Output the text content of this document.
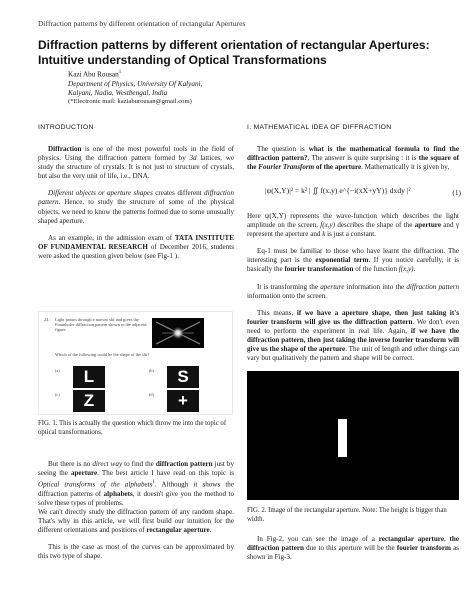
Diffraction patterns by different orientation of rectangular Apertures
Diffraction patterns by different orientation of rectangular Apertures: Intuitive understanding of Optical Transformations
Kazi Abu Rousan$^1$
Department of Physics, University Of Kalyani,
Kalyani, Nadia, Westbengal, India
(*Electronic mail: kaziaburousan@gmail.com)
INTRODUCTION

Diffraction is one of the most powerful tools in the field of physics. Using the diffraction pattern formed by 3d lattices, we study the structure of crystals. It is not just to structure of crystals, but also the very unit of life, i.e., DNA.

Different objects or aperture shapes creates different diffraction pattern. Hence, to study the structure of some of the physical objects, we need to know the patterns formed due to some unusually shaped aperture.

As an example, in the admission exam of TATA INSTITUTE OF FUNDAMENTAL RESEARCH of December 2016, students were asked the question given below (see Fig-1 ).

24. Light passes through a narrow slit and gives the Fraunhofer diffraction pattern shown in the adjacent figure.
Which of the following could be the shape of the slit?
(a)	L	(b)	S
(c)	Z	(d)	+
FIG. 1. This is actually the question which throw me into the topic of optical transformations.

But there is no direct way to find the diffraction pattern just by seeing the aperture. The best article I have read on this topic is Optical transforms of the alphabets$^1$. Although it shows the diffraction patterns of alphabets, it doesn't give you the method to solve these types of problems.

We can't directly study the diffraction pattern of any random shape. That's why in this article, we will first build our intuition for the different orientations and positions of rectangular aperture.

This is the case as most of the curves can be approximated by this two type of shape.

I. MATHEMATICAL IDEA OF DIFFRACTION

The question is what is the mathematical formula to find the diffraction pattern?, The answer is quite surprising : it is the square of the Fourier Transform of the aperture. Mathematically it is given by,

|ψ(X,Y)|² = k² | ∬ f(x,y) e^{−i(xX+yY)} dxdy |²	(1)

Here ψ(X,Y) represents the wave-function which describes the light amplitude on the screen, f(x,y) describes the shape of the aperture and γ represent the aperture and k is just a constant.

Eq-1 must be familiar to those who have learnt the diffraction. The interesting part is the exponential term. If you notice carefully, it is basically the fourier transformation of the function f(x,y).

It is transforming the aperture information into the diffraction pattern information onto the screen.

This means, if we have a aperture shape, then just taking it's fourier transform will give us the diffraction pattern. We don't even need to perform the experiment in real life. Again, if we have the diffraction pattern, then just taking the inverse fourier transform will give us the shape of the aperture. The unit of length and other things can vary but qualitatively the pattern and shape will be correct.

FIG. 2. Image of the rectangular aperture. Note: The height is bigger than width.

In Fig-2, you can see the image of a rectangular aperture, the diffraction pattern due to this aperture will be the fourier transform as shown in Fig-3.
